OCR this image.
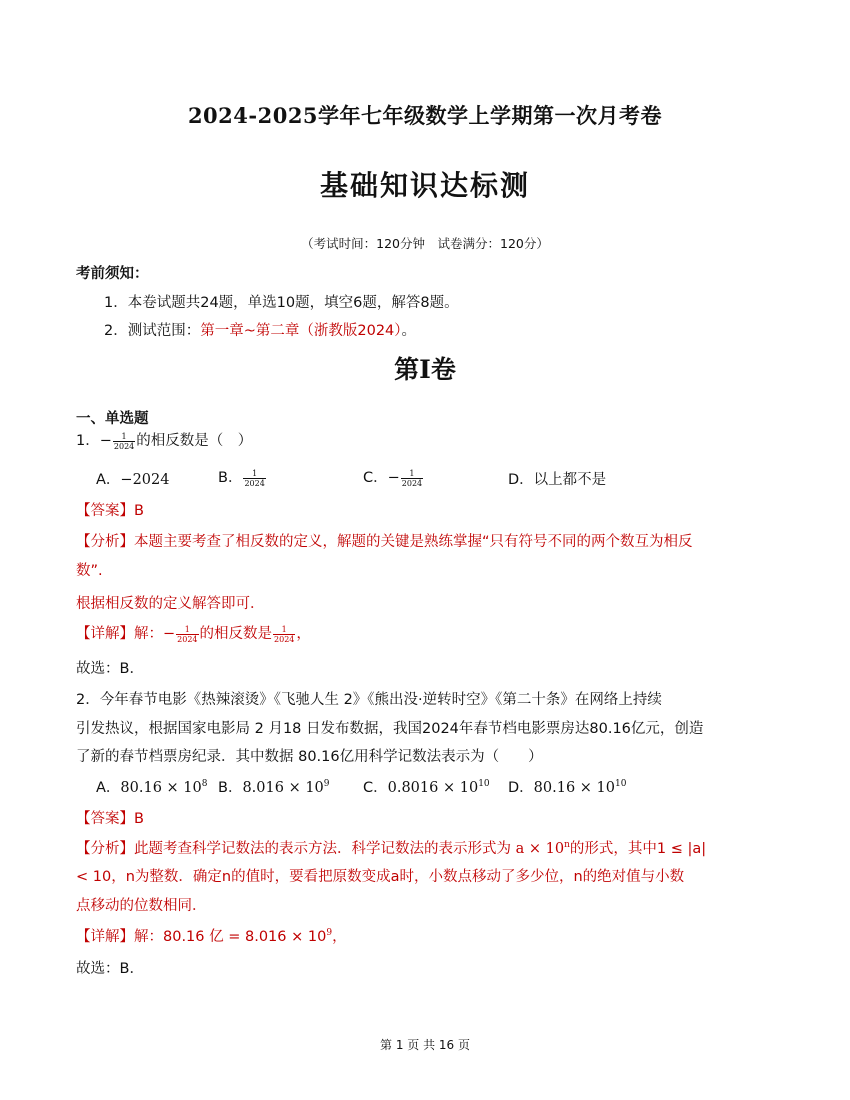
2024-2025学年七年级数学上学期第一次月考卷
基础知识达标测
（考试时间：120分钟　试卷满分：120分）
考前须知：
1．本卷试题共24题，单选10题，填空6题，解答8题。
2．测试范围：第一章~第二章（浙教版2024）。
第Ⅰ卷
一、单选题
1．− $\frac{1}{2024}$ 的相反数是（　）
A．−2024	B． $\frac{1}{2024}$	C．− $\frac{1}{2024}$	D．以上都不是
【答案】B
【分析】本题主要考查了相反数的定义，解题的关键是熟练掌握“只有符号不同的两个数互为相反
数”.
根据相反数的定义解答即可．
【详解】解：− $\frac{1}{2024}$ 的相反数是 $\frac{1}{2024}$ ，
故选：B．
2．今年春节电影《热辣滚烫》《飞驰人生 2》《熊出没·逆转时空》《第二十条》在网络上持续
引发热议，根据国家电影局 2 月18 日发布数据，我国2024年春节档电影票房达80.16亿元，创造
了新的春节档票房纪录．其中数据 80.16亿用科学记数法表示为（　　）
A．$80.16 \times 10^8$ B．$8.016 \times 10^9$ C．$0.8016 \times 10^{10}$ D．$80.16 \times 10^{10}$
【答案】B
【分析】此题考查科学记数法的表示方法．科学记数法的表示形式为 $a \times 10^n$的形式，其中1 ≤ |a|
< 10，n为整数．确定n的值时，要看把原数变成a时，小数点移动了多少位，n的绝对值与小数
点移动的位数相同．
【详解】解：80.16 亿 = $8.016 \times 10^9$，
故选：B．
第 1 页 共 16 页
